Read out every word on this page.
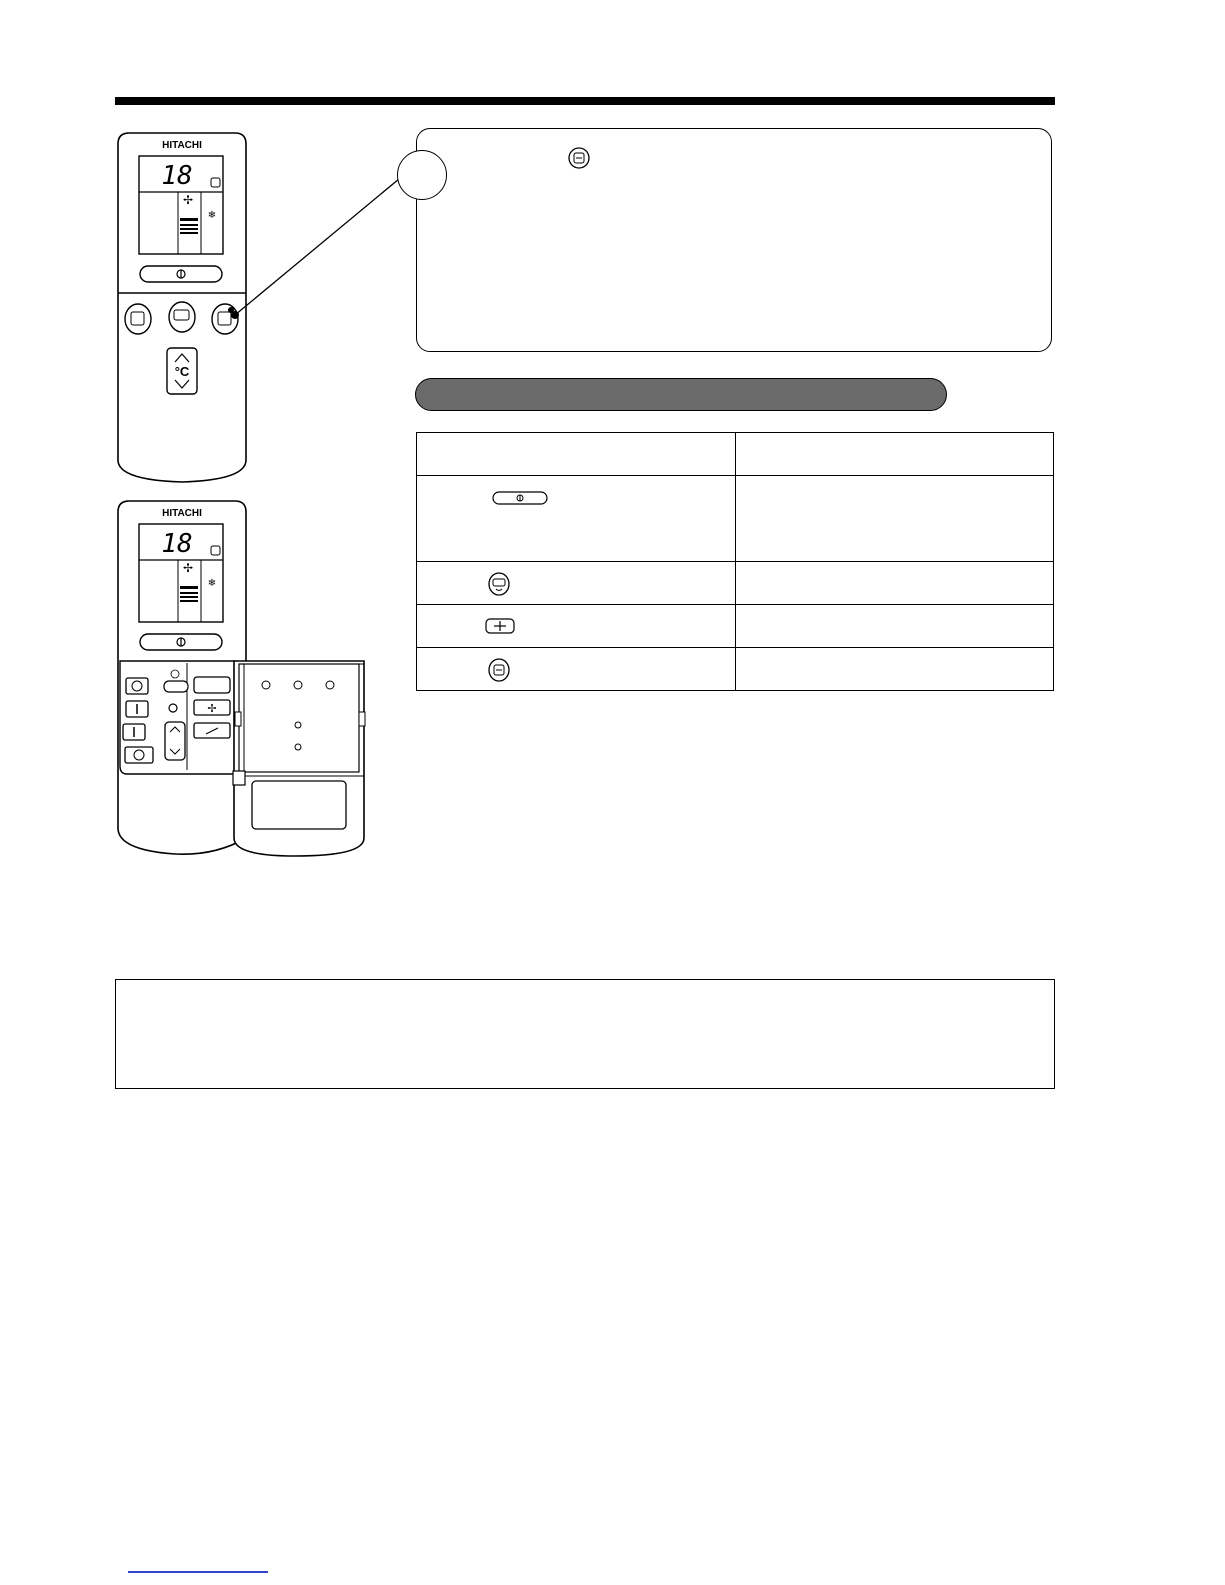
HITACHI
18
✢
❄
°C

HITACHI
18
✢
❄
✢
